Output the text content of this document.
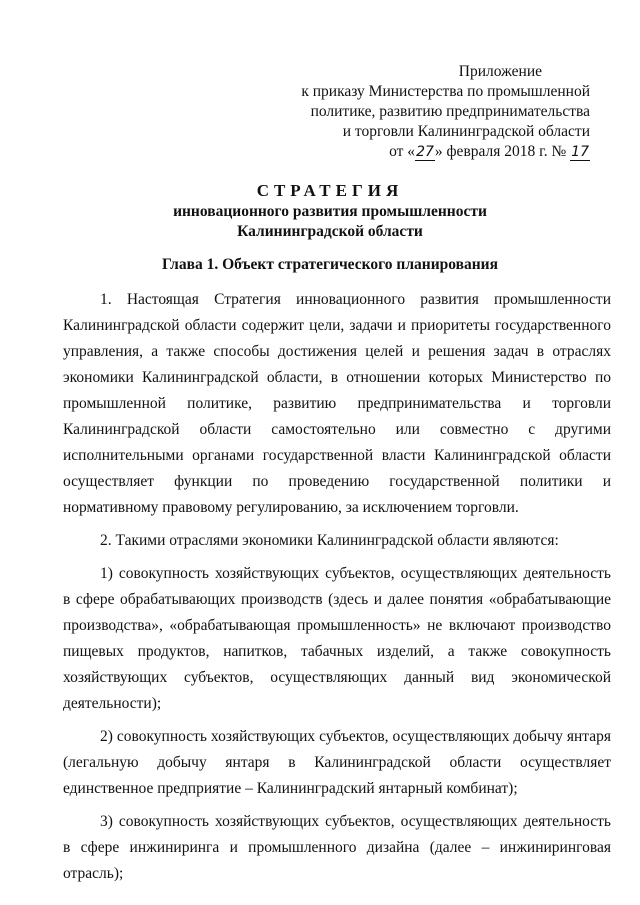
Приложение
к приказу Министерства по промышленной
политике, развитию предпринимательства
и торговли Калининградской области
от «27» февраля 2018 г. № 17
СТРАТЕГИЯ
инновационного развития промышленности
Калининградской области
Глава 1. Объект стратегического планирования

1. Настоящая Стратегия инновационного развития промышленности Калининградской области содержит цели, задачи и приоритеты государственного управления, а также способы достижения целей и решения задач в отраслях экономики Калининградской области, в отношении которых Министерство по промышленной политике, развитию предпринимательства и торговли Калининградской области самостоятельно или совместно с другими исполнительными органами государственной власти Калининградской области осуществляет функции по проведению государственной политики и нормативному правовому регулированию, за исключением торговли.

2. Такими отраслями экономики Калининградской области являются:

1) совокупность хозяйствующих субъектов, осуществляющих деятельность в сфере обрабатывающих производств (здесь и далее понятия «обрабатывающие производства», «обрабатывающая промышленность» не включают производство пищевых продуктов, напитков, табачных изделий, а также совокупность хозяйствующих субъектов, осуществляющих данный вид экономической деятельности);

2) совокупность хозяйствующих субъектов, осуществляющих добычу янтаря (легальную добычу янтаря в Калининградской области осуществляет единственное предприятие – Калининградский янтарный комбинат);

3) совокупность хозяйствующих субъектов, осуществляющих деятельность в сфере инжиниринга и промышленного дизайна (далее – инжиниринговая отрасль);
